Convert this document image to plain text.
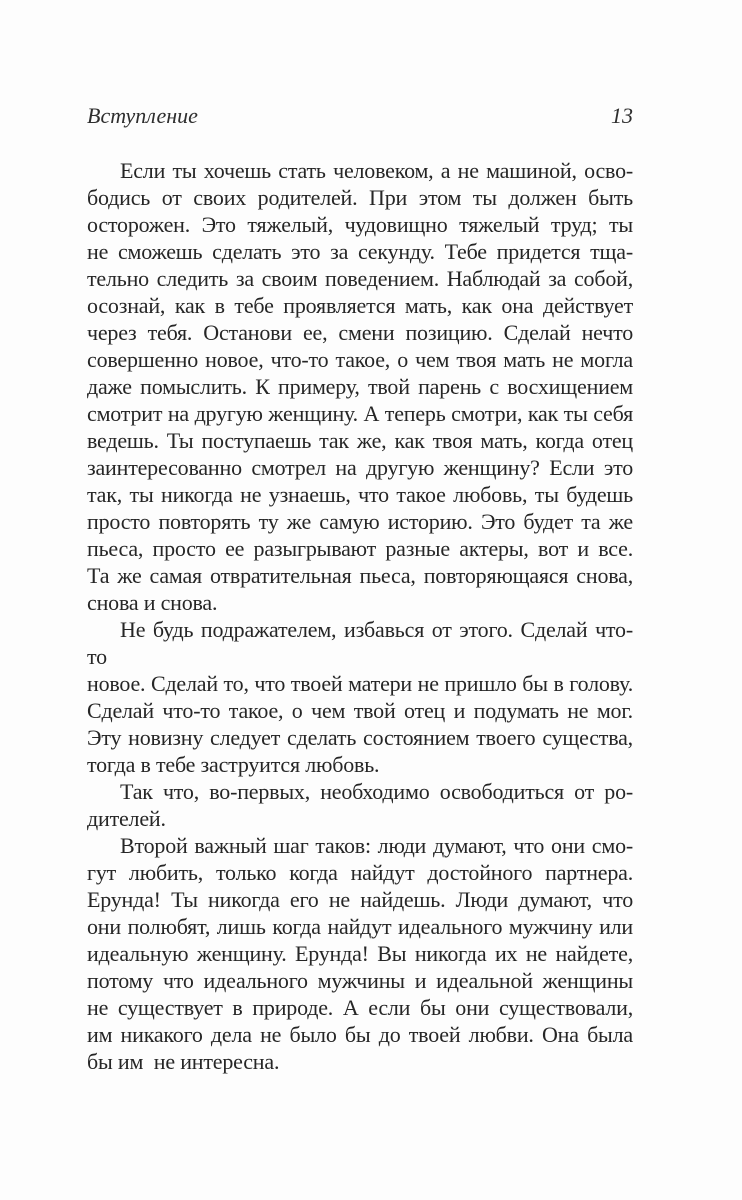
Вступление	13
Если ты хочешь стать человеком, а не машиной, осво-
бодись от своих родителей. При этом ты должен быть
осторожен. Это тяжелый, чудовищно тяжелый труд; ты
не сможешь сделать это за секунду. Тебе придется тща-
тельно следить за своим поведением. Наблюдай за собой,
осознай, как в тебе проявляется мать, как она действует
через тебя. Останови ее, смени позицию. Сделай нечто
совершенно новое, что-то такое, о чем твоя мать не могла
даже помыслить. К примеру, твой парень с восхищением
смотрит на другую женщину. А теперь смотри, как ты себя
ведешь. Ты поступаешь так же, как твоя мать, когда отец
заинтересованно смотрел на другую женщину? Если это
так, ты никогда не узнаешь, что такое любовь, ты будешь
просто повторять ту же самую историю. Это будет та же
пьеса, просто ее разыгрывают разные актеры, вот и все.
Та же самая отвратительная пьеса, повторяющаяся снова,
снова и снова.
Не будь подражателем, избавься от этого. Сделай что-то
новое. Сделай то, что твоей матери не пришло бы в голову.
Сделай что-то такое, о чем твой отец и подумать не мог.
Эту новизну следует сделать состоянием твоего существа,
тогда в тебе заструится любовь.
Так что, во-первых, необходимо освободиться от ро-
дителей.
Второй важный шаг таков: люди думают, что они смо-
гут любить, только когда найдут достойного партнера.
Ерунда! Ты никогда его не найдешь. Люди думают, что
они полюбят, лишь когда найдут идеального мужчину или
идеальную женщину. Ерунда! Вы никогда их не найдете,
потому что идеального мужчины и идеальной женщины
не существует в природе. А если бы они существовали,
им никакого дела не было бы до твоей любви. Она была
бы им  не интересна.
